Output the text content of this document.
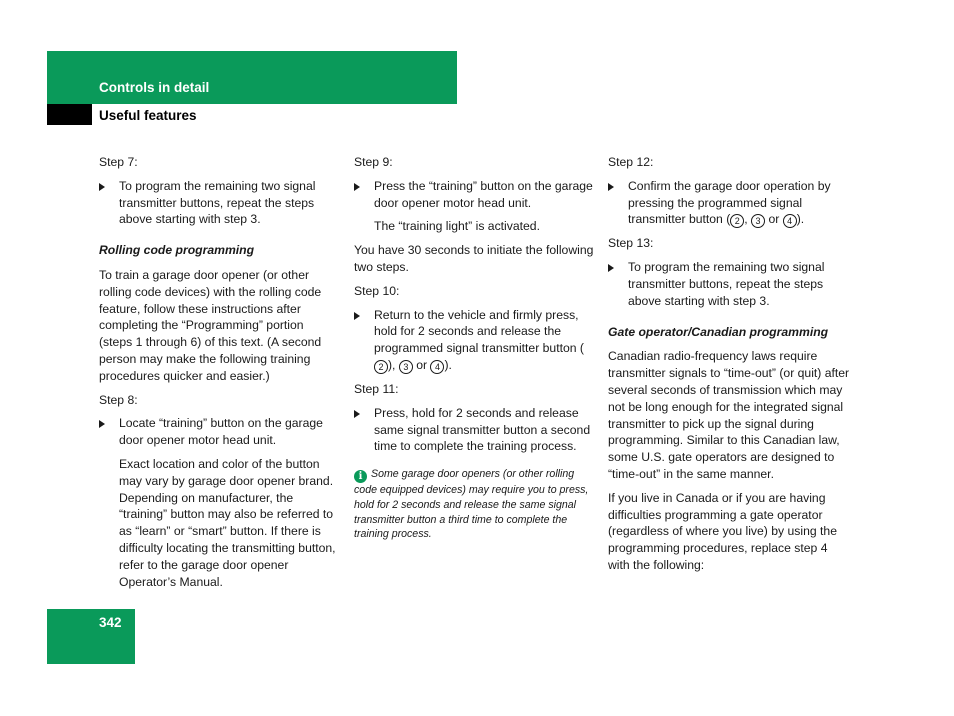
Controls in detail
Useful features

Step 7:

To program the remaining two signal transmitter buttons, repeat the steps above starting with step 3.

Rolling code programming

To train a garage door opener (or other rolling code devices) with the rolling code feature, follow these instructions after completing the “Programming” portion (steps 1 through 6) of this text. (A second person may make the following training procedures quicker and easier.)

Step 8:

Locate “training” button on the garage door opener motor head unit.

Exact location and color of the button may vary by garage door opener brand. Depending on manufacturer, the “training” button may also be referred to as “learn” or “smart” button. If there is difficulty locating the transmitting button, refer to the garage door opener Operator’s Manual.

Step 9:

Press the “training” button on the garage door opener motor head unit.

The “training light” is activated.

You have 30 seconds to initiate the following two steps.

Step 10:

Return to the vehicle and firmly press, hold for 2 seconds and release the programmed signal transmitter button (2 ), 3 or 4 ).

Step 11:

Press, hold for 2 seconds and release same signal transmitter button a second time to complete the training process.
i Some garage door openers (or other rolling code equipped devices) may require you to press, hold for 2 seconds and release the same signal transmitter button a third time to complete the training process.

Step 12:

Confirm the garage door operation by pressing the programmed signal transmitter button ( 2 , 3 or 4 ).

Step 13:

To program the remaining two signal transmitter buttons, repeat the steps above starting with step 3.

Gate operator/Canadian programming

Canadian radio-frequency laws require transmitter signals to “time-out” (or quit) after several seconds of transmission which may not be long enough for the integrated signal transmitter to pick up the signal during programming. Similar to this Canadian law, some U.S. gate operators are designed to “time-out” in the same manner.

If you live in Canada or if you are having difficulties programming a gate operator (regardless of where you live) by using the programming procedures, replace step 4 with the following:

342
